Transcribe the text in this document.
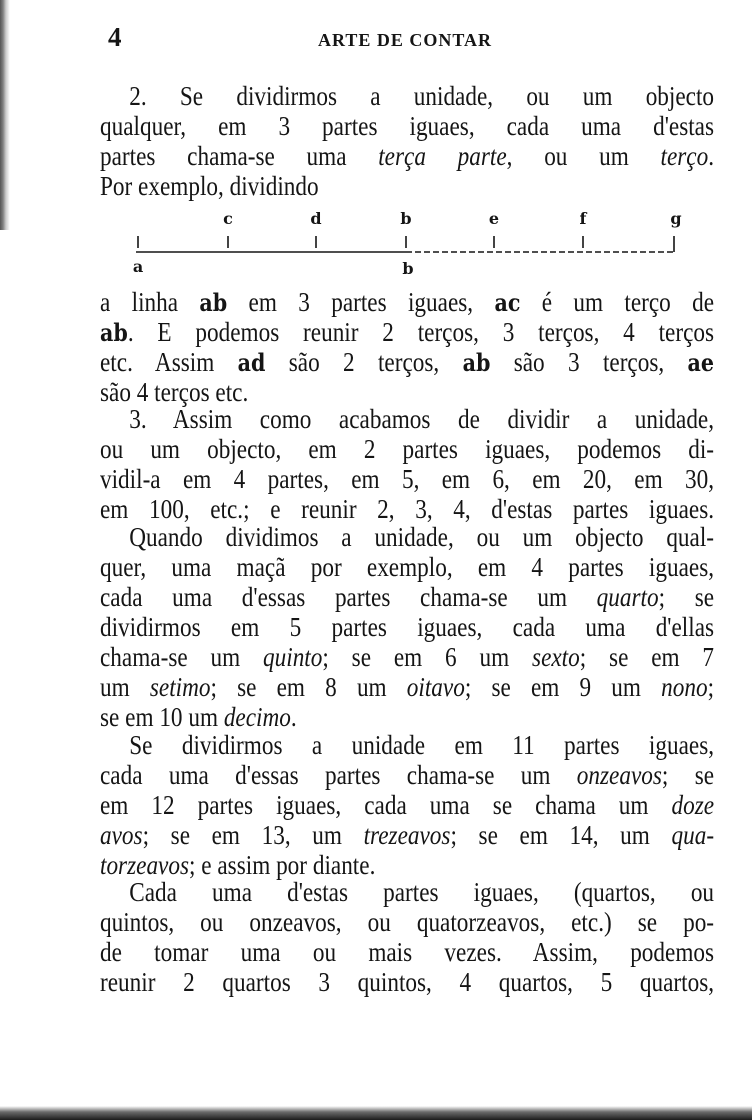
4	ARTE DE CONTAR
2. Se dividirmos a unidade, ou um objecto
qualquer, em 3 partes iguaes, cada uma d'estas
partes chama-se uma terça parte, ou um terço.
Por exemplo, dividindo
c	d	b	e	f	g
a	b
a linha ab em 3 partes iguaes, ac é um terço de
ab. E podemos reunir 2 terços, 3 terços, 4 terços
etc. Assim ad são 2 terços, ab são 3 terços, ae
são 4 terços etc.
3. Assim como acabamos de dividir a unidade,
ou um objecto, em 2 partes iguaes, podemos di-
vidil-a em 4 partes, em 5, em 6, em 20, em 30,
em 100, etc.; e reunir 2, 3, 4, d'estas partes iguaes.
Quando dividimos a unidade, ou um objecto qual-
quer, uma maçã por exemplo, em 4 partes iguaes,
cada uma d'essas partes chama-se um quarto; se
dividirmos em 5 partes iguaes, cada uma d'ellas
chama-se um quinto; se em 6 um sexto; se em 7
um setimo; se em 8 um oitavo; se em 9 um nono;
se em 10 um decimo.
Se dividirmos a unidade em 11 partes iguaes,
cada uma d'essas partes chama-se um onzeavos; se
em 12 partes iguaes, cada uma se chama um doze
avos; se em 13, um trezeavos; se em 14, um qua-
torzeavos; e assim por diante.
Cada uma d'estas partes iguaes, (quartos, ou
quintos, ou onzeavos, ou quatorzeavos, etc.) se po-
de tomar uma ou mais vezes. Assim, podemos
reunir 2 quartos 3 quintos, 4 quartos, 5 quartos,
